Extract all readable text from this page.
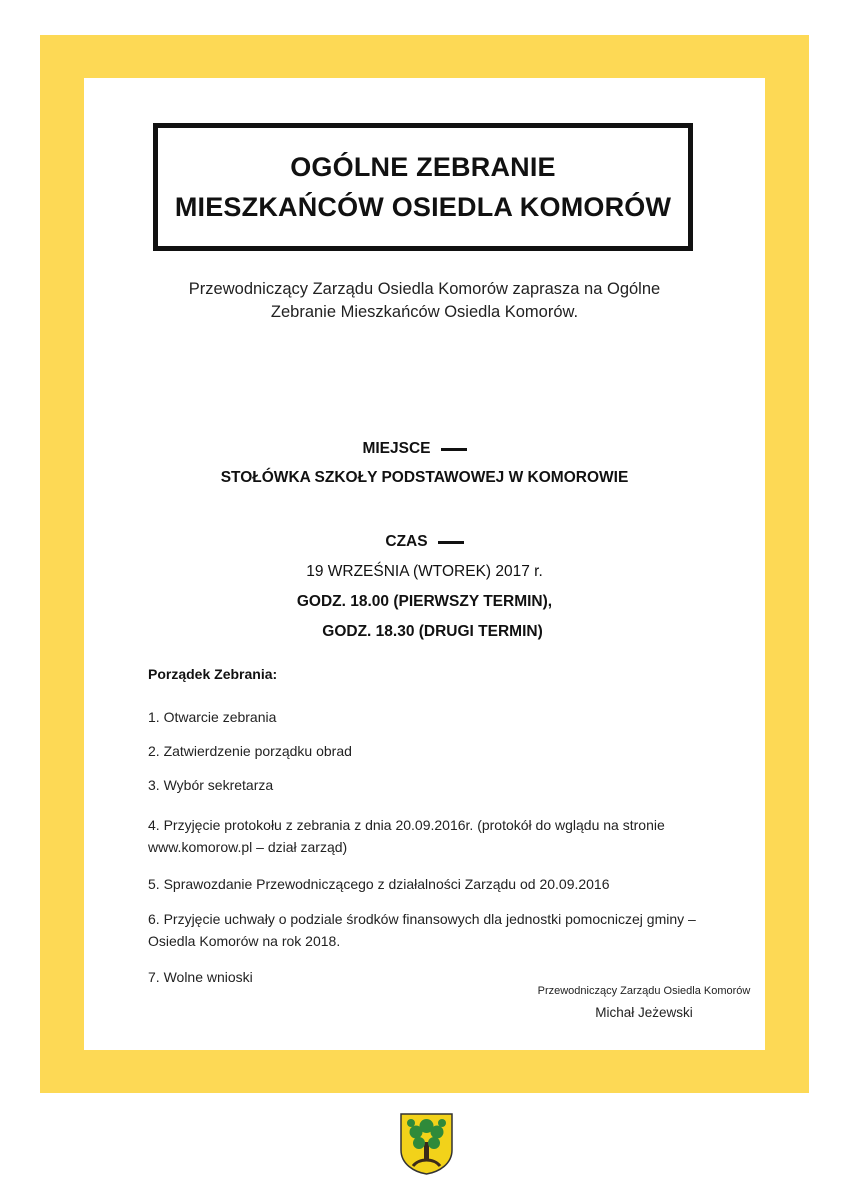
OGÓLNE ZEBRANIE
MIESZKAŃCÓW OSIEDLA KOMORÓW
Przewodniczący Zarządu Osiedla Komorów zaprasza na Ogólne
Zebranie Mieszkańców Osiedla Komorów.
MIEJSCE
STOŁÓWKA SZKOŁY PODSTAWOWEJ W KOMOROWIE
CZAS
19 WRZEŚNIA (WTOREK) 2017 r.
GODZ. 18.00 (PIERWSZY TERMIN),
GODZ. 18.30 (DRUGI TERMIN)
Porządek Zebrania:
1. Otwarcie zebrania
2. Zatwierdzenie porządku obrad
3. Wybór sekretarza
4. Przyjęcie protokołu z zebrania z dnia 20.09.2016r. (protokół do wglądu na stronie www.komorow.pl – dział zarząd)
5. Sprawozdanie Przewodniczącego z działalności Zarządu od 20.09.2016
6. Przyjęcie uchwały o podziale środków finansowych dla jednostki pomocniczej gminy – Osiedla Komorów na rok 2018.
7. Wolne wnioski
Przewodniczący Zarządu Osiedla Komorów
Michał Jeżewski
